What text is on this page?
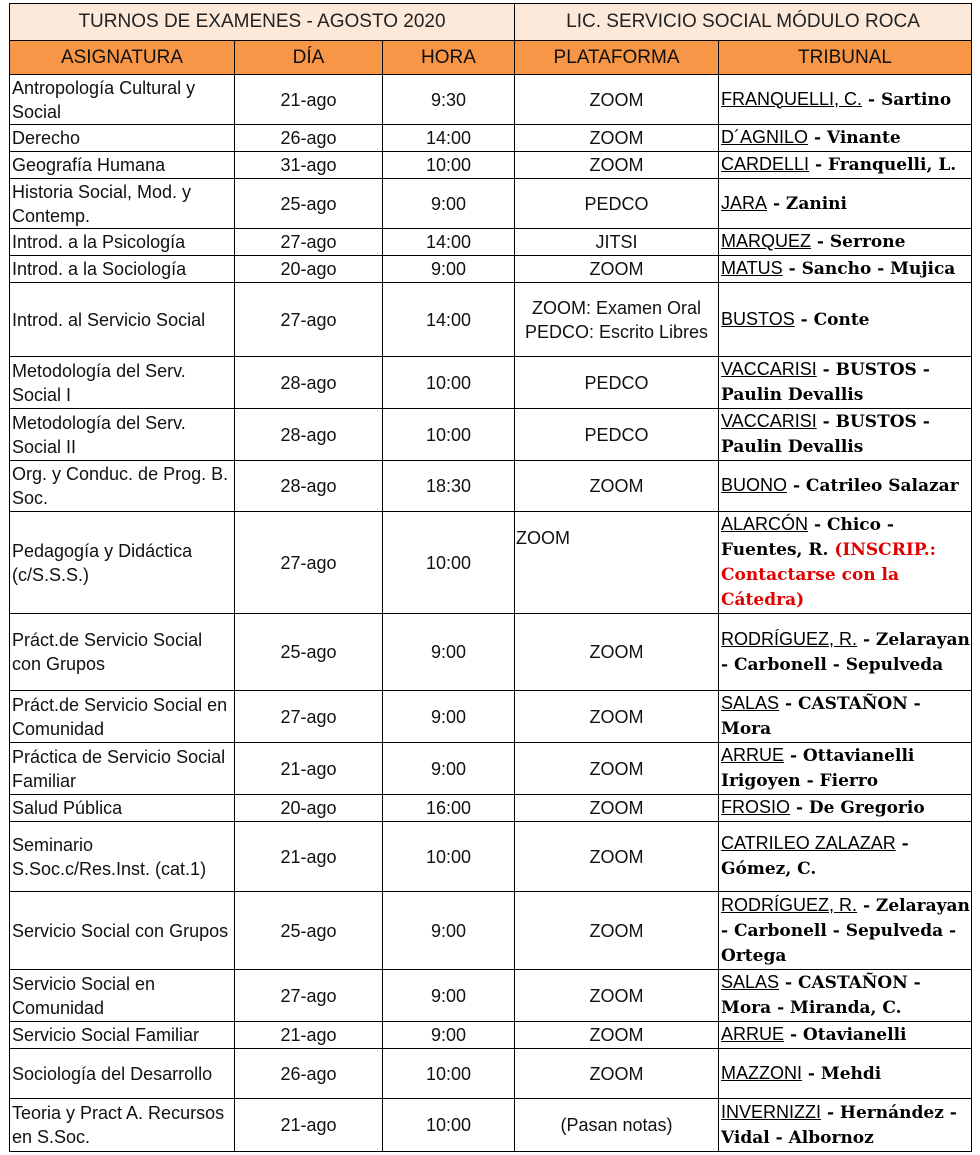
TURNOS DE EXAMENES - AGOSTO 2020			LIC. SERVICIO SOCIAL MÓDULO ROCA	
ASIGNATURA	DÍA	HORA	PLATAFORMA	TRIBUNAL
Antropología Cultural y Social	21-ago	9:30	ZOOM	FRANQUELLI, C. - Sartino
Derecho	26-ago	14:00	ZOOM	D´AGNILO - Vinante
Geografía Humana	31-ago	10:00	ZOOM	CARDELLI - Franquelli, L.
Historia Social, Mod. y Contemp.	25-ago	9:00	PEDCO	JARA - Zanini
Introd. a la Psicología	27-ago	14:00	JITSI	MARQUEZ - Serrone
Introd. a la Sociología	20-ago	9:00	ZOOM	MATUS - Sancho - Mujica
Introd. al Servicio Social	27-ago	14:00	ZOOM: Examen Oral PEDCO: Escrito Libres	BUSTOS - Conte
Metodología del Serv. Social I	28-ago	10:00	PEDCO	VACCARISI - BUSTOS - Paulin Devallis
Metodología del Serv. Social II	28-ago	10:00	PEDCO	VACCARISI - BUSTOS - Paulin Devallis
Org. y Conduc. de Prog. B. Soc.	28-ago	18:30	ZOOM	BUONO - Catrileo Salazar
Pedagogía y Didáctica (c/S.S.S.)	27-ago	10:00	ZOOM	ALARCÓN - Chico - Fuentes, R. (INSCRIP.: Contactarse con la Cátedra)
Práct.de Servicio Social con Grupos	25-ago	9:00	ZOOM	RODRÍGUEZ, R. - Zelarayan - Carbonell - Sepulveda
Práct.de Servicio Social en Comunidad	27-ago	9:00	ZOOM	SALAS - CASTAÑON - Mora
Práctica de Servicio Social Familiar	21-ago	9:00	ZOOM	ARRUE - Ottavianelli Irigoyen - Fierro
Salud Pública	20-ago	16:00	ZOOM	FROSIO - De Gregorio
Seminario S.Soc.c/Res.Inst. (cat.1)	21-ago	10:00	ZOOM	CATRILEO ZALAZAR - Gómez, C.
Servicio Social con Grupos	25-ago	9:00	ZOOM	RODRÍGUEZ, R. - Zelarayan - Carbonell - Sepulveda - Ortega
Servicio Social en Comunidad	27-ago	9:00	ZOOM	SALAS - CASTAÑON - Mora - Miranda, C.
Servicio Social Familiar	21-ago	9:00	ZOOM	ARRUE - Otavianelli
Sociología del Desarrollo	26-ago	10:00	ZOOM	MAZZONI - Mehdi
Teoria y Pract A. Recursos en S.Soc.	21-ago	10:00	(Pasan notas)	INVERNIZZI - Hernández - Vidal - Albornoz
